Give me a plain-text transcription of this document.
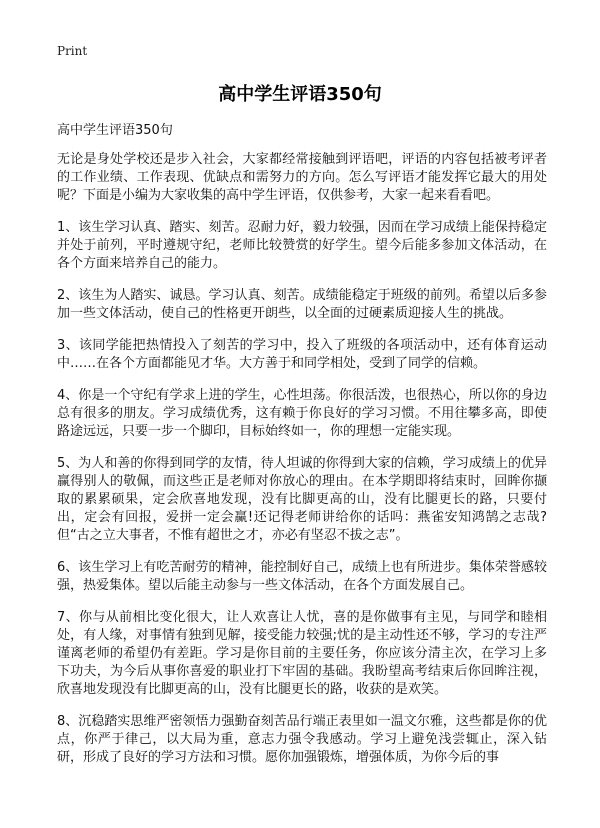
Print
高中学生评语350句

高中学生评语350句

无论是身处学校还是步入社会，大家都经常接触到评语吧，评语的内容包括被考评者的工作业绩、工作表现、优缺点和需努力的方向。怎么写评语才能发挥它最大的用处呢？下面是小编为大家收集的高中学生评语，仅供参考，大家一起来看看吧。

1、该生学习认真、踏实、刻苦。忍耐力好，毅力较强，因而在学习成绩上能保持稳定并处于前列，平时遵规守纪，老师比较赞赏的好学生。望今后能多参加文体活动，在各个方面来培养自己的能力。

2、该生为人踏实、诚恳。学习认真、刻苦。成绩能稳定于班级的前列。希望以后多参加一些文体活动，使自己的性格更开朗些，以全面的过硬素质迎接人生的挑战。

3、该同学能把热情投入了刻苦的学习中，投入了班级的各项活动中，还有体育运动中……在各个方面都能见才华。大方善于和同学相处，受到了同学的信赖。

4、你是一个守纪有学求上进的学生，心性坦荡。你很活泼，也很热心，所以你的身边总有很多的朋友。学习成绩优秀，这有赖于你良好的学习习惯。不用往攀多高，即使路途远远，只要一步一个脚印，目标始终如一，你的理想一定能实现。

5、为人和善的你得到同学的友情，待人坦诚的你得到大家的信赖，学习成绩上的优异赢得别人的敬佩，而这些正是老师对你放心的理由。在本学期即将结束时，回眸你撷取的累累硕果，定会欣喜地发现，没有比脚更高的山，没有比腿更长的路，只要付出，定会有回报，爱拼一定会赢!还记得老师讲给你的话吗：燕雀安知鸿鹄之志哉?但“古之立大事者，不惟有超世之才，亦必有坚忍不拔之志”。

6、该生学习上有吃苦耐劳的精神，能控制好自己，成绩上也有所进步。集体荣誉感较强，热爱集体。望以后能主动参与一些文体活动，在各个方面发展自己。

7、你与从前相比变化很大，让人欢喜让人忧，喜的是你做事有主见，与同学和睦相处，有人缘，对事情有独到见解，接受能力较强;忧的是主动性还不够，学习的专注严谨离老师的希望仍有差距。学习是你目前的主要任务，你应该分清主次，在学习上多下功夫，为今后从事你喜爱的职业打下牢固的基础。我盼望高考结束后你回眸注视，欣喜地发现没有比脚更高的山，没有比腿更长的路，收获的是欢笑。

8、沉稳踏实思维严密领悟力强勤奋刻苦品行端正表里如一温文尔雅，这些都是你的优点，你严于律己，以大局为重，意志力强令我感动。学习上避免浅尝辄止，深入钻研，形成了良好的学习方法和习惯。愿你加强锻炼，增强体质，为你今后的事
